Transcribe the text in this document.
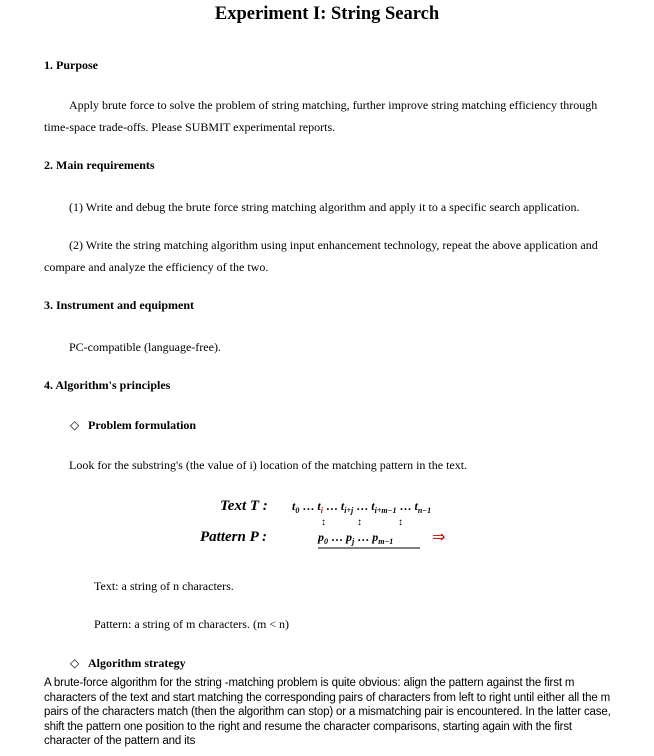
Experiment I: String Search
1. Purpose
Apply brute force to solve the problem of string matching, further improve string matching efficiency through time-space trade-offs. Please SUBMIT experimental reports.
2. Main requirements
(1) Write and debug the brute force string matching algorithm and apply it to a specific search application.
(2) Write the string matching algorithm using input enhancement technology, repeat the above application and compare and analyze the efficiency of the two.
3. Instrument and equipment
PC-compatible (language-free).
4. Algorithm's principles
◇ Problem formulation
Look for the substring's (the value of i) location of the matching pattern in the text.
Text T :
Pattern P :
$t_0$ … $t_i$ … $t_{i+j}$ … $t_{i+m-1}$ … $t_{n-1}$
↕	↕	↕
$p_0$ … $p_j$ … $p_{m-1}$ ⇒
Text: a string of n characters.
Pattern: a string of m characters. (m < n)
◇ Algorithm strategy
A brute-force algorithm for the string -matching problem is quite obvious: align the pattern against the first m characters of the text and start matching the corresponding pairs of characters from left to right until either all the m pairs of the characters match (then the algorithm can stop) or a mismatching pair is encountered. In the latter case, shift the pattern one position to the right and resume the character comparisons, starting again with the first character of the pattern and its
